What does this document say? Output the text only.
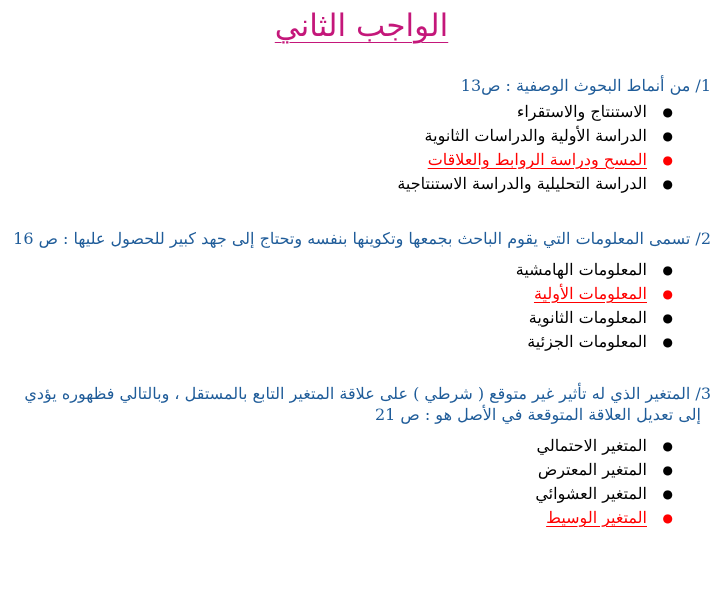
الواجب الثاني
1/ من أنماط البحوث الوصفية : ص13
●
الاستنتاج والاستقراء
●
الدراسة الأولية والدراسات الثانوية
●
المسح ودراسة الروابط والعلاقات
●
الدراسة التحليلية والدراسة الاستنتاجية
2/ تسمى المعلومات التي يقوم الباحث بجمعها وتكوينها بنفسه وتحتاج إلى جهد كبير للحصول عليها : ص 16
●
المعلومات الهامشية
●
المعلومات الأولية
●
المعلومات الثانوية
●
المعلومات الجزئية
3/ المتغير الذي له تأثير غير متوقع ( شرطي ) على علاقة المتغير التابع بالمستقل ، وبالتالي فظهوره يؤدي
إلى تعديل العلاقة المتوقعة في الأصل هو : ص 21
●
المتغير الاحتمالي
●
المتغير المعترض
●
المتغير العشوائي
●
المتغير الوسيط
